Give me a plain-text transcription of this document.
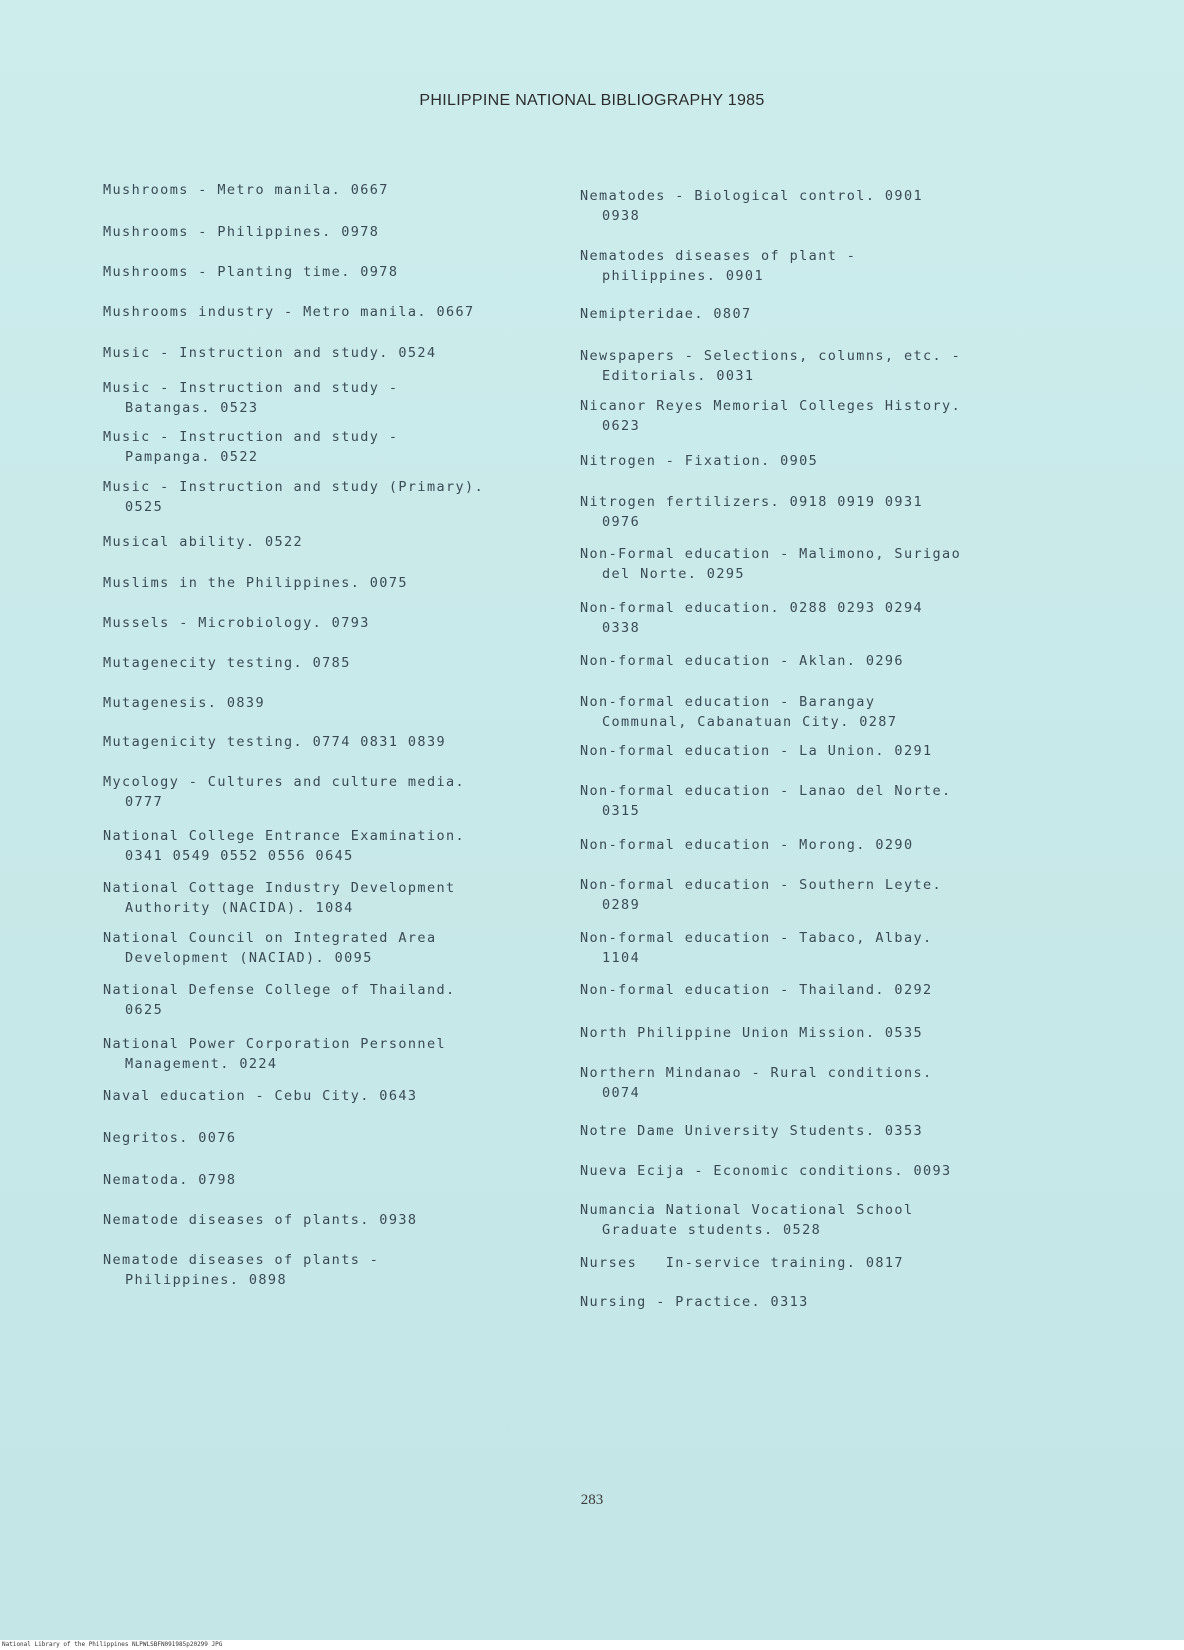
PHILIPPINE NATIONAL BIBLIOGRAPHY 1985
Mushrooms - Metro manila. 0667
Mushrooms - Philippines. 0978
Mushrooms - Planting time. 0978
Mushrooms industry - Metro manila. 0667
Music - Instruction and study. 0524
Music - Instruction and study -
Batangas. 0523
Music - Instruction and study -
Pampanga. 0522
Music - Instruction and study (Primary).
0525
Musical ability. 0522
Muslims in the Philippines. 0075
Mussels - Microbiology. 0793
Mutagenecity testing. 0785
Mutagenesis. 0839
Mutagenicity testing. 0774 0831 0839
Mycology - Cultures and culture media.
0777
National College Entrance Examination.
0341 0549 0552 0556 0645
National Cottage Industry Development
Authority (NACIDA). 1084
National Council on Integrated Area
Development (NACIAD). 0095
National Defense College of Thailand.
0625
National Power Corporation Personnel
Management. 0224
Naval education - Cebu City. 0643
Negritos. 0076
Nematoda. 0798
Nematode diseases of plants. 0938
Nematode diseases of plants -
Philippines. 0898
Nematodes - Biological control. 0901
0938
Nematodes diseases of plant -
philippines. 0901
Nemipteridae. 0807
Newspapers - Selections, columns, etc. -
Editorials. 0031
Nicanor Reyes Memorial Colleges History.
0623
Nitrogen - Fixation. 0905
Nitrogen fertilizers. 0918 0919 0931
0976
Non-Formal education - Malimono, Surigao
del Norte. 0295
Non-formal education. 0288 0293 0294
0338
Non-formal education - Aklan. 0296
Non-formal education - Barangay
Communal, Cabanatuan City. 0287
Non-formal education - La Union. 0291
Non-formal education - Lanao del Norte.
0315
Non-formal education - Morong. 0290
Non-formal education - Southern Leyte.
0289
Non-formal education - Tabaco, Albay.
1104
Non-formal education - Thailand. 0292
North Philippine Union Mission. 0535
Northern Mindanao - Rural conditions.
0074
Notre Dame University Students. 0353
Nueva Ecija - Economic conditions. 0093
Numancia National Vocational School
Graduate students. 0528
Nurses   In-service training. 0817
Nursing - Practice. 0313
283
National Library of the Philippines NLPWLSBFN091985p20299 JPG
